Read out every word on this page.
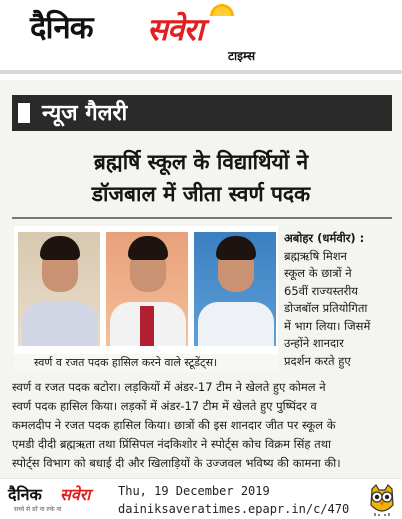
दैनिक सवेरा
टाइम्स
न्यूज गैलरी
ब्रह्मर्षि स्कूल के विद्यार्थियों ने
डॉजबाल में जीता स्वर्ण पदक
स्वर्ण व रजत पदक हासिल करने वाले स्टूडेंट्स।
अबोहर (धर्मवीर) :
ब्रह्मऋषि मिशन
स्कूल के छात्रों ने
65वीं राज्यस्तरीय
डोजबॉल प्रतियोगिता
में भाग लिया। जिसमें
उन्होंने शानदार
प्रदर्शन करते हुए
स्वर्ण व रजत पदक बटोरा। लड़कियों में अंडर-17 टीम ने खेलते हुए कोमल ने
स्वर्ण पदक हासिल किया। लड़कों में अंडर-17 टीम में खेलते हुए पुष्पिंदर व
कमलदीप ने रजत पदक हासिल किया। छात्रों की इस शानदार जीत पर स्कूल के
एमडी दीदी ब्रह्मऋता तथा प्रिंसिपल नंदकिशोर ने स्पोर्ट्स कोच विक्रम सिंह तथा
स्पोर्ट्स विभाग को बधाई दी और खिलाड़ियों के उज्जवल भविष्य की कामना की।
दैनिक सवेरा
सच्चे से डरें ना रुके ना
Thu, 19 December 2019
dainiksaveratimes.epapr.in/c/470
